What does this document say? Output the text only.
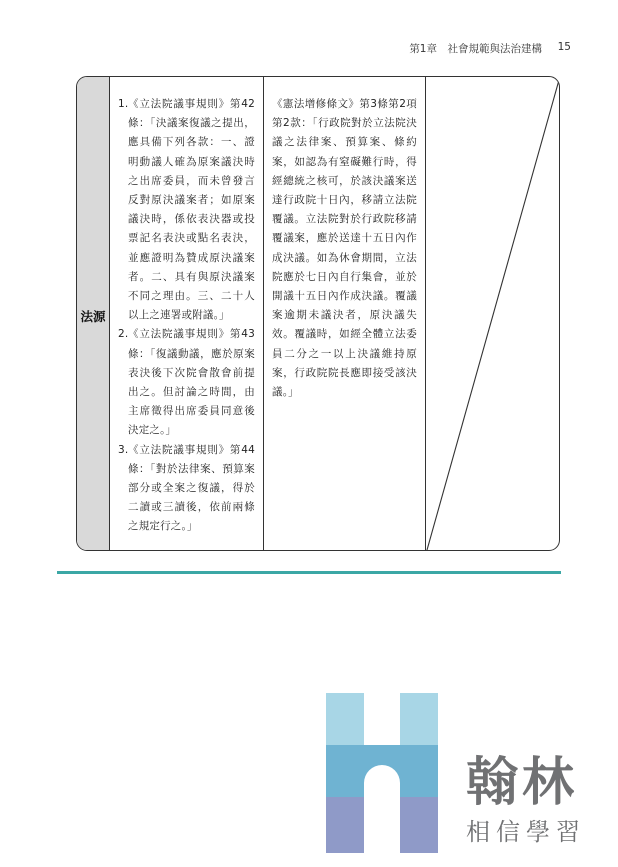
第1章　社會規範與法治建構 15
法源
1. 《立法院議事規則》第42條：「決議案復議之提出，應具備下列各款：一、證明動議人確為原案議決時之出席委員，而未曾發言反對原決議案者；如原案議決時，係依表決器或投票記名表決或點名表決，並應證明為贊成原決議案者。二、具有與原決議案不同之理由。三、二十人以上之連署或附議。」
2. 《立法院議事規則》第43條：「復議動議，應於原案表決後下次院會散會前提出之。但討論之時間，由主席徵得出席委員同意後決定之。」
3. 《立法院議事規則》第44條：「對於法律案、預算案部分或全案之復議，得於二讀或三讀後，依前兩條之規定行之。」
《憲法增修條文》第3條第2項第2款：「行政院對於立法院決議之法律案、預算案、條約案，如認為有窒礙難行時，得經總統之核可，於該決議案送達行政院十日內，移請立法院覆議。立法院對於行政院移請覆議案，應於送達十五日內作成決議。如為休會期間，立法院應於七日內自行集會，並於開議十五日內作成決議。覆議案逾期未議決者，原決議失效。覆議時，如經全體立法委員二分之一以上決議維持原案，行政院院長應即接受該決議。」
翰林
相信學習
